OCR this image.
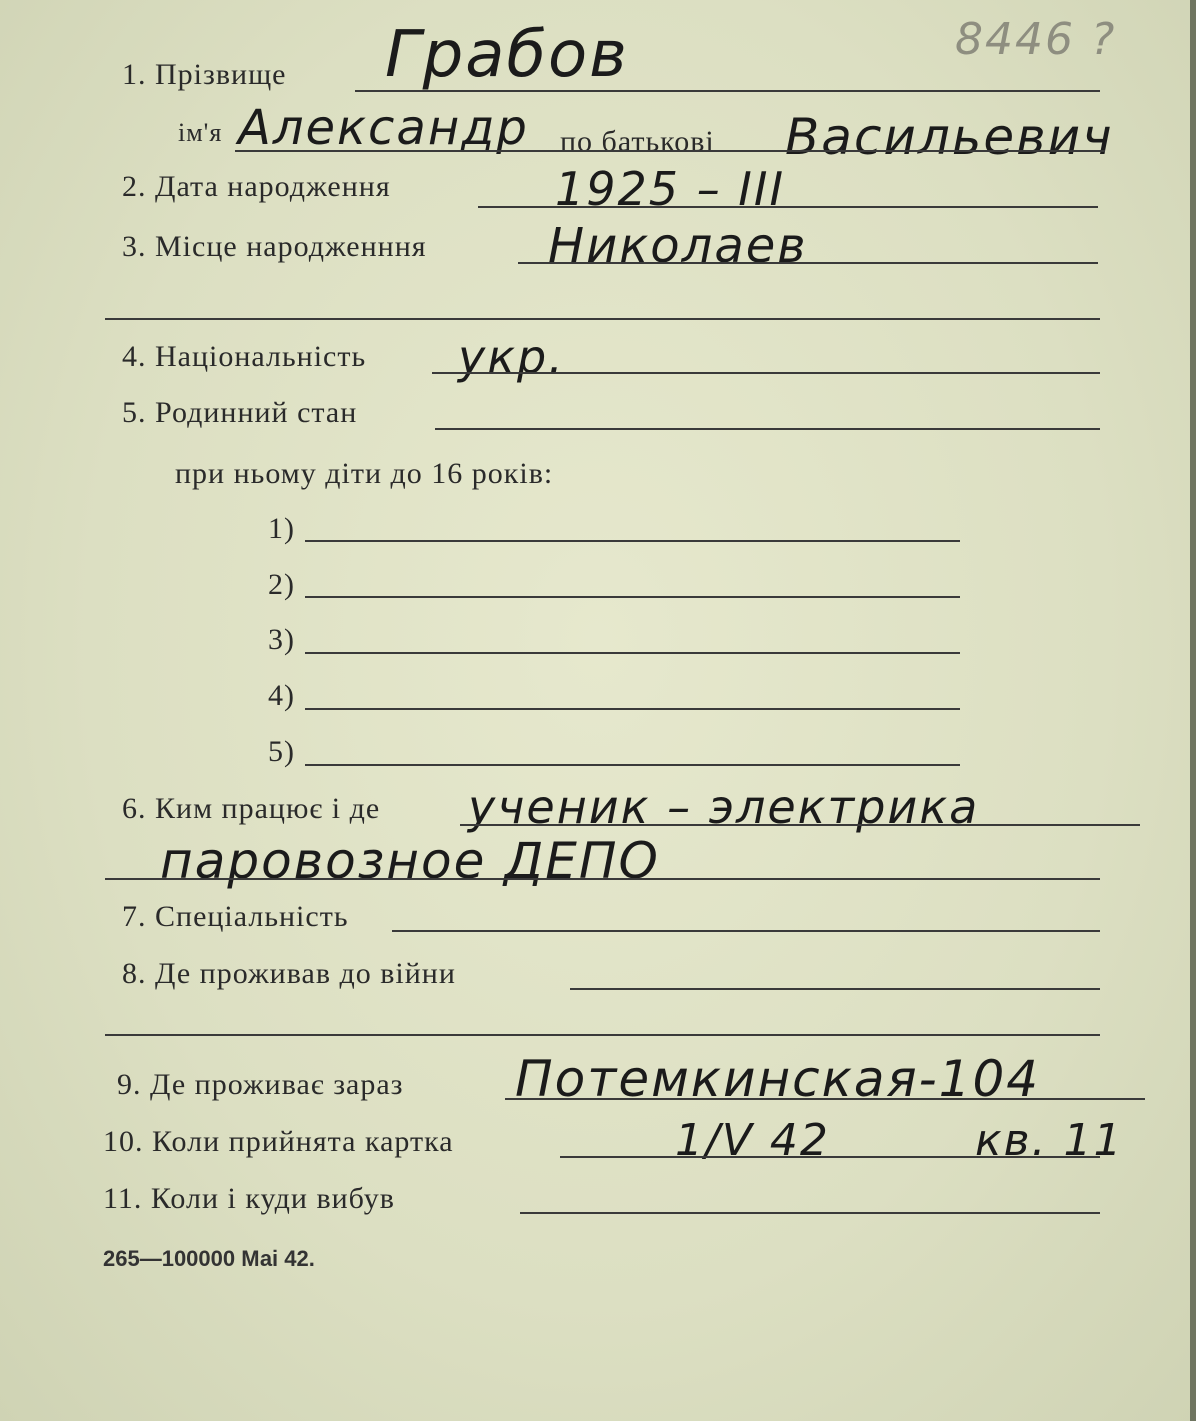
8446 ?
1. Прізвище Грабов
ім'я Александр по батькові Васильевич
2. Дата народження	1925 – III
3. Місце народженння	Николаев
4. Національність укр.
5. Родинний стан
при ньому діти до 16 років:
1)
2)
3)
4)
5)
6. Ким працює і де ученик – электрика
паровозное ДЕПО
7. Спеціальність
8. Де проживав до війни
9. Де проживає зараз Потемкинская-104
10. Коли прийнята картка	1/V 42	кв. 11
11. Коли і куди вибув
265—100000 Маі 42.
